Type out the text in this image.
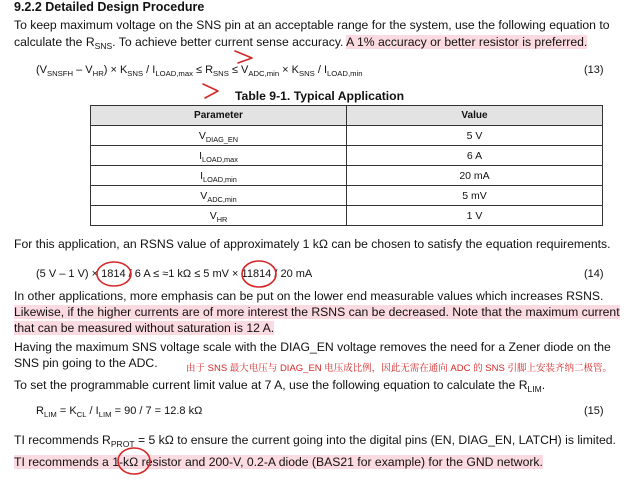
9.2.2 Detailed Design Procedure
To keep maximum voltage on the SNS pin at an acceptable range for the system, use the following equation to
calculate the $R_{SNS}$. To achieve better current sense accuracy. A 1% accuracy or better resistor is preferred.
$(V_{SNSFH} - V_{HR}) \times K_{SNS} / I_{LOAD,max} \le R_{SNS} \le V_{ADC,min} \times K_{SNS} / I_{LOAD,min}$	(13)
Table 9-1. Typical Application
Parameter	Value
$V_{DIAG\_EN}$	5 V
$I_{LOAD,max}$	6 A
$I_{LOAD,min}$	20 mA
$V_{ADC,min}$	5 mV
$V_{HR}$	1 V
For this application, an RSNS value of approximately 1 kΩ can be chosen to satisfy the equation requirements.
(5 V – 1 V) × 1814 / 6 A ≤ ≈1 kΩ ≤ 5 mV × 11814 / 20 mA	(14)
In other applications, more emphasis can be put on the lower end measurable values which increases RSNS.
Likewise, if the higher currents are of more interest the RSNS can be decreased. Note that the maximum current
that can be measured without saturation is 12 A.
Having the maximum SNS voltage scale with the DIAG_EN voltage removes the need for a Zener diode on the
SNS pin going to the ADC.	由于 SNS 最大电压与 DIAG_EN 电压成比例，因此无需在通向 ADC 的 SNS 引脚上安装齐纳二极管。
To set the programmable current limit value at 7 A, use the following equation to calculate the $R_{LIM}$.
$R_{LIM} = K_{CL} / I_{LIM} = 90 / 7 = 12.8$ kΩ	(15)
TI recommends $R_{PROT} = 5$ kΩ to ensure the current going into the digital pins (EN, DIAG_EN, LATCH) is limited.
TI recommends a 1-kΩ resistor and 200-V, 0.2-A diode (BAS21 for example) for the GND network.
